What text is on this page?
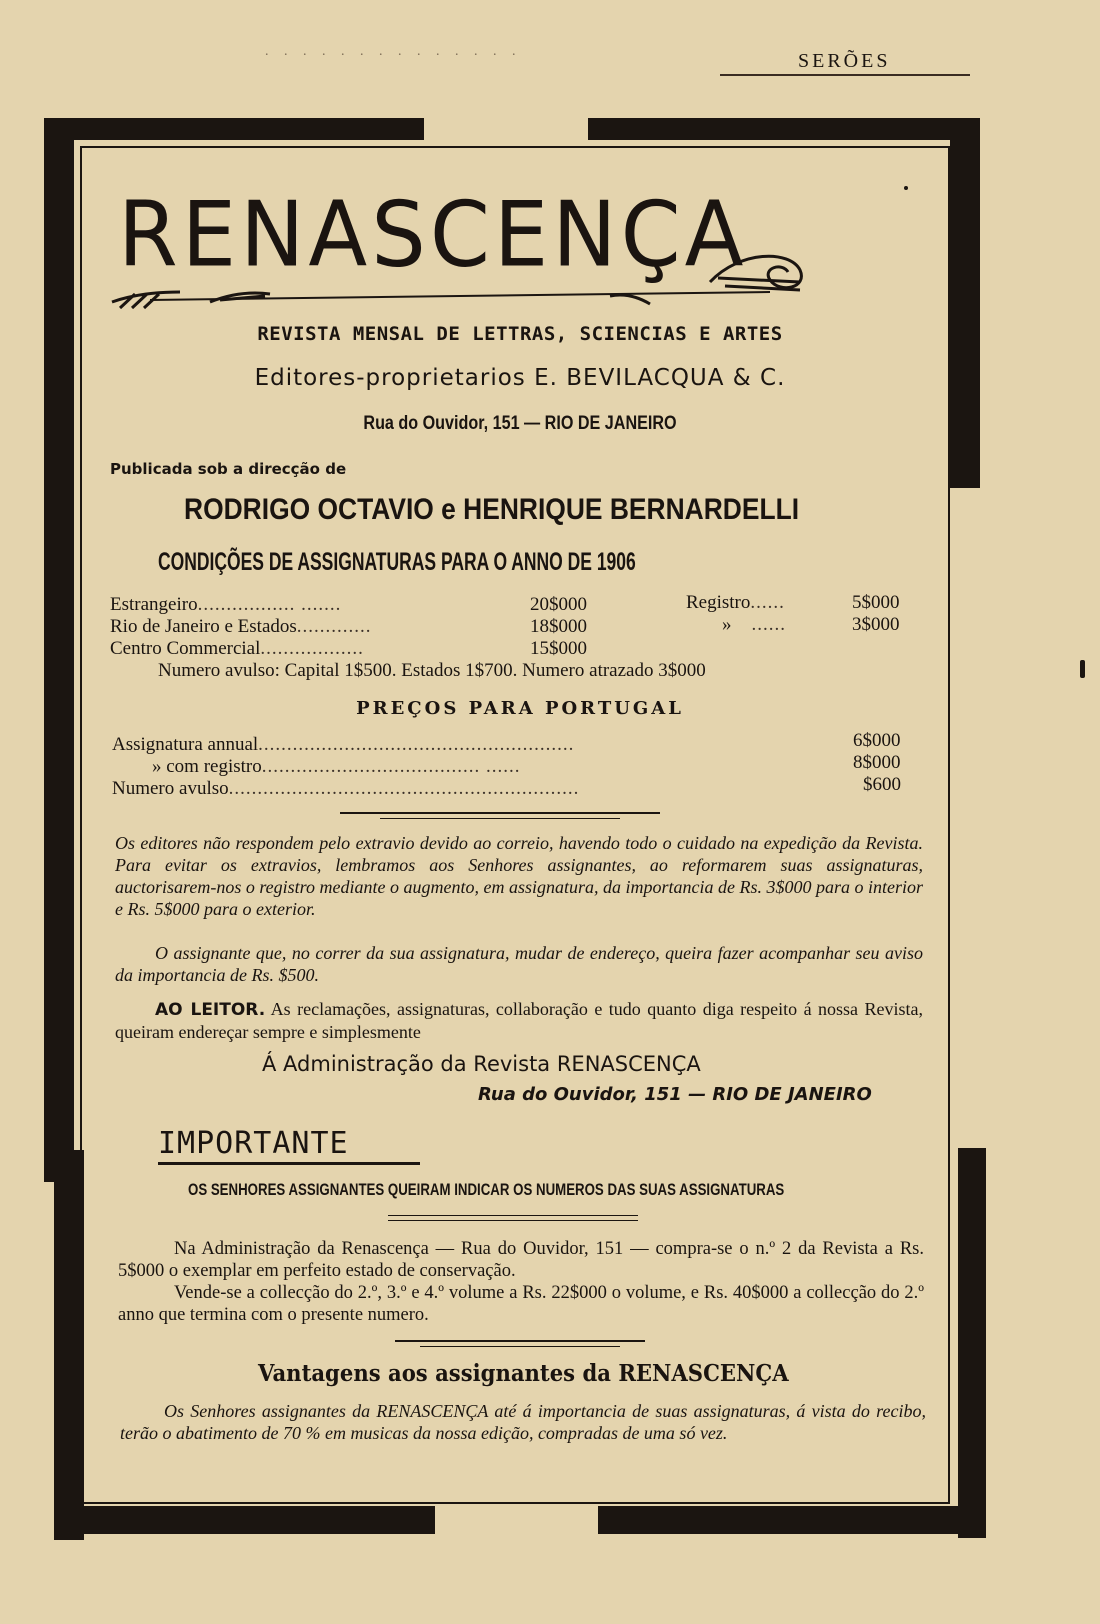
. . . . . . . . . . . . . .	SERÕES
RENASCENÇA
REVISTA MENSAL DE LETTRAS, SCIENCIAS E ARTES
Editores-proprietarios E. BEVILACQUA & C.
Rua do Ouvidor, 151 — RIO DE JANEIRO
Publicada sob a direcção de
RODRIGO OCTAVIO e HENRIQUE BERNARDELLI
CONDIÇÕES DE ASSIGNATURAS PARA O ANNO DE 1906
Estrangeiro................. .......	20$000
Rio de Janeiro e Estados.............	18$000
Centro Commercial..................	15$000
Registro......	5$000
» ......	3$000
Numero avulso: Capital 1$500. Estados 1$700. Numero atrazado 3$000
PREÇOS PARA PORTUGAL
Assignatura annual.......................................................	6$000
» com registro...................................... ......	8$000
Numero avulso.............................................................	$600
Os editores não respondem pelo extravio devido ao correio, havendo todo o cuidado na expedição da Revista. Para evitar os extravios, lembramos aos Senhores assignantes, ao reformarem suas assignaturas, auctorisarem-nos o registro mediante o augmento, em assignatura, da importancia de Rs. 3$000 para o interior e Rs. 5$000 para o exterior.
O assignante que, no correr da sua assignatura, mudar de endereço, queira fazer acompanhar seu aviso da importancia de Rs. $500.
AO LEITOR. As reclamações, assignaturas, collaboração e tudo quanto diga respeito á nossa Revista, queiram endereçar sempre e simplesmente
Á Administração da Revista RENASCENÇA
Rua do Ouvidor, 151 — RIO DE JANEIRO
IMPORTANTE
OS SENHORES ASSIGNANTES QUEIRAM INDICAR OS NUMEROS DAS SUAS ASSIGNATURAS
Na Administração da Renascença — Rua do Ouvidor, 151 — compra-se o n.º 2 da Revista a Rs. 5$000 o exemplar em perfeito estado de conservação.
Vende-se a collecção do 2.º, 3.º e 4.º volume a Rs. 22$000 o volume, e Rs. 40$000 a collecção do 2.º anno que termina com o presente numero.
Vantagens aos assignantes da RENASCENÇA
Os Senhores assignantes da RENASCENÇA até á importancia de suas assignaturas, á vista do recibo, terão o abatimento de 70 % em musicas da nossa edição, compradas de uma só vez.
